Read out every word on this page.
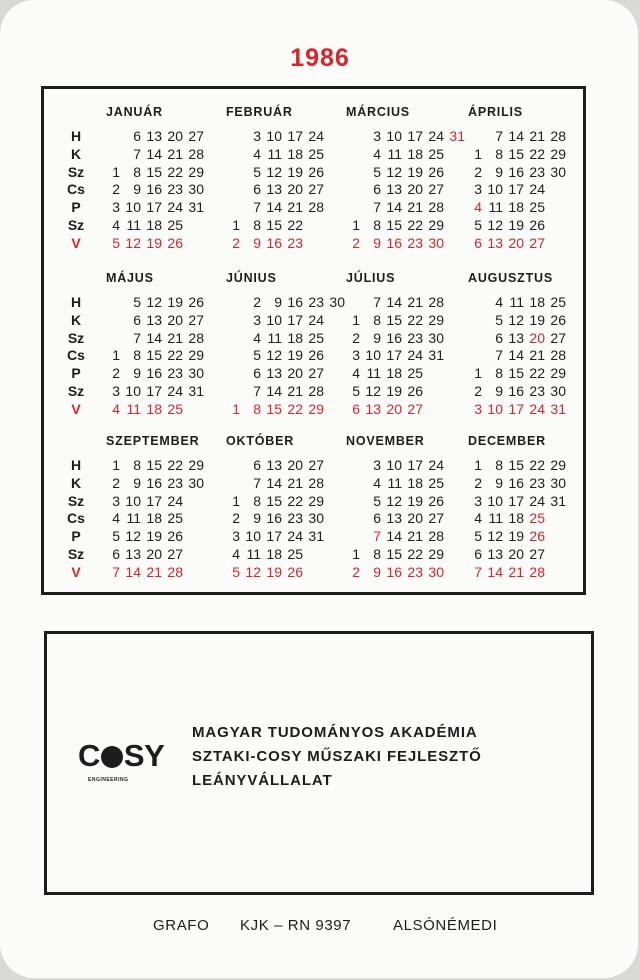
1986
H
K
Sz
Cs
P
Sz
V
JANUÁR
1
2
3
4
5
6
7
8
9
10
11
12
13
14
15
16
17
18
19
20
21
22
23
24
25
26
27
28
29
30
31
FEBRUÁR
1
2
3
4
5
6
7
8
9
10
11
12
13
14
15
16
17
18
19
20
21
22
23
24
25
26
27
28
MÁRCIUS
1
2
3
4
5
6
7
8
9
10
11
12
13
14
15
16
17
18
19
20
21
22
23
24
25
26
27
28
29
30
31
ÁPRILIS
1
2
3
4
5
6
7
8
9
10
11
12
13
14
15
16
17
18
19
20
21
22
23
24
25
26
27
28
29
30
H
K
Sz
Cs
P
Sz
V
MÁJUS
1
2
3
4
5
6
7
8
9
10
11
12
13
14
15
16
17
18
19
20
21
22
23
24
25
26
27
28
29
30
31
JÚNIUS
1
2
3
4
5
6
7
8
9
10
11
12
13
14
15
16
17
18
19
20
21
22
23
24
25
26
27
28
29
30
JÚLIUS
1
2
3
4
5
6
7
8
9
10
11
12
13
14
15
16
17
18
19
20
21
22
23
24
25
26
27
28
29
30
31
AUGUSZTUS
1
2
3
4
5
6
7
8
9
10
11
12
13
14
15
16
17
18
19
20
21
22
23
24
25
26
27
28
29
30
31
H
K
Sz
Cs
P
Sz
V
SZEPTEMBER
1
2
3
4
5
6
7
8
9
10
11
12
13
14
15
16
17
18
19
20
21
22
23
24
25
26
27
28
29
30
OKTÓBER
1
2
3
4
5
6
7
8
9
10
11
12
13
14
15
16
17
18
19
20
21
22
23
24
25
26
27
28
29
30
31
NOVEMBER
1
2
3
4
5
6
7
8
9
10
11
12
13
14
15
16
17
18
19
20
21
22
23
24
25
26
27
28
29
30
DECEMBER
1
2
3
4
5
6
7
8
9
10
11
12
13
14
15
16
17
18
19
20
21
22
23
24
25
26
27
28
29
30
31
C SY
ENGINEERING
MAGYAR TUDOMÁNYOS AKADÉMIA
SZTAKI-COSY MŰSZAKI FEJLESZTŐ
LEÁNYVÁLLALAT
GRAFO KJK – RN 9397	ALSÓNÉMEDI
